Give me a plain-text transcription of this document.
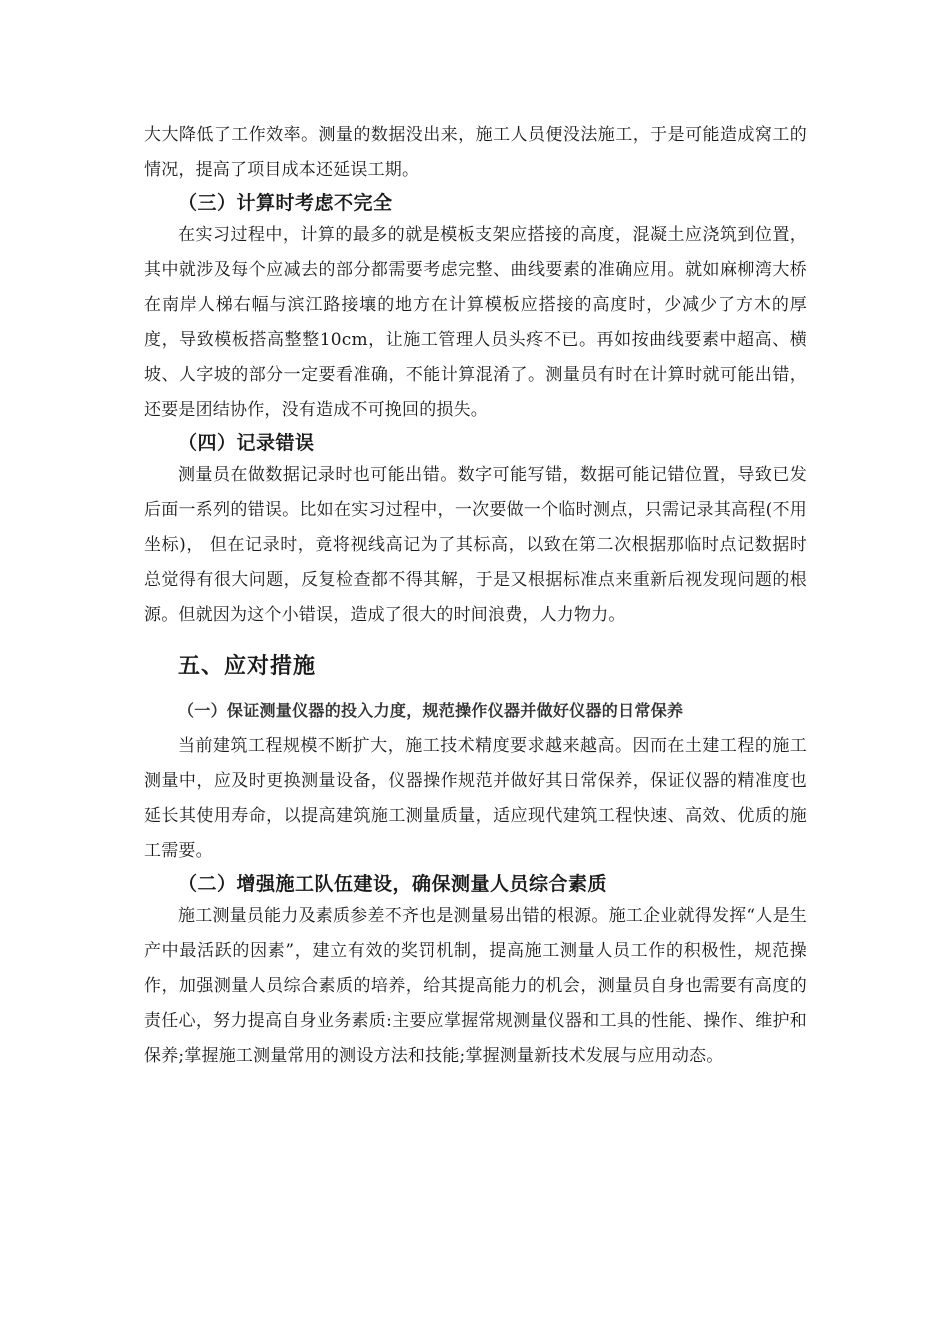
大大降低了工作效率。测量的数据没出来，施工人员便没法施工，于是可能造成窝工的情况，提高了项目成本还延误工期。

（三）计算时考虑不完全

在实习过程中，计算的最多的就是模板支架应搭接的高度，混凝土应浇筑到位置，其中就涉及每个应减去的部分都需要考虑完整、曲线要素的准确应用。就如麻柳湾大桥在南岸人梯右幅与滨江路接壤的地方在计算模板应搭接的高度时，少减少了方木的厚度，导致模板搭高整整10cm，让施工管理人员头疼不已。再如按曲线要素中超高、横坡、人字坡的部分一定要看准确，不能计算混淆了。测量员有时在计算时就可能出错，还要是团结协作，没有造成不可挽回的损失。

（四）记录错误

测量员在做数据记录时也可能出错。数字可能写错，数据可能记错位置，导致已发后面一系列的错误。比如在实习过程中，一次要做一个临时测点，只需记录其高程(不用坐标)， 但在记录时，竟将视线高记为了其标高，以致在第二次根据那临时点记数据时总觉得有很大问题，反复检查都不得其解，于是又根据标准点来重新后视发现问题的根源。但就因为这个小错误，造成了很大的时间浪费，人力物力。

五、应对措施
（一）保证测量仪器的投入力度，规范操作仪器并做好仪器的日常保养

当前建筑工程规模不断扩大，施工技术精度要求越来越高。因而在土建工程的施工测量中，应及时更换测量设备，仪器操作规范并做好其日常保养，保证仪器的精准度也延长其使用寿命，以提高建筑施工测量质量，适应现代建筑工程快速、高效、优质的施工需要。

（二）增强施工队伍建设，确保测量人员综合素质

施工测量员能力及素质参差不齐也是测量易出错的根源。施工企业就得发挥“人是生产中最活跃的因素”，建立有效的奖罚机制，提高施工测量人员工作的积极性，规范操作，加强测量人员综合素质的培养，给其提高能力的机会，测量员自身也需要有高度的责任心，努力提高自身业务素质:主要应掌握常规测量仪器和工具的性能、操作、维护和保养;掌握施工测量常用的测设方法和技能;掌握测量新技术发展与应用动态。
